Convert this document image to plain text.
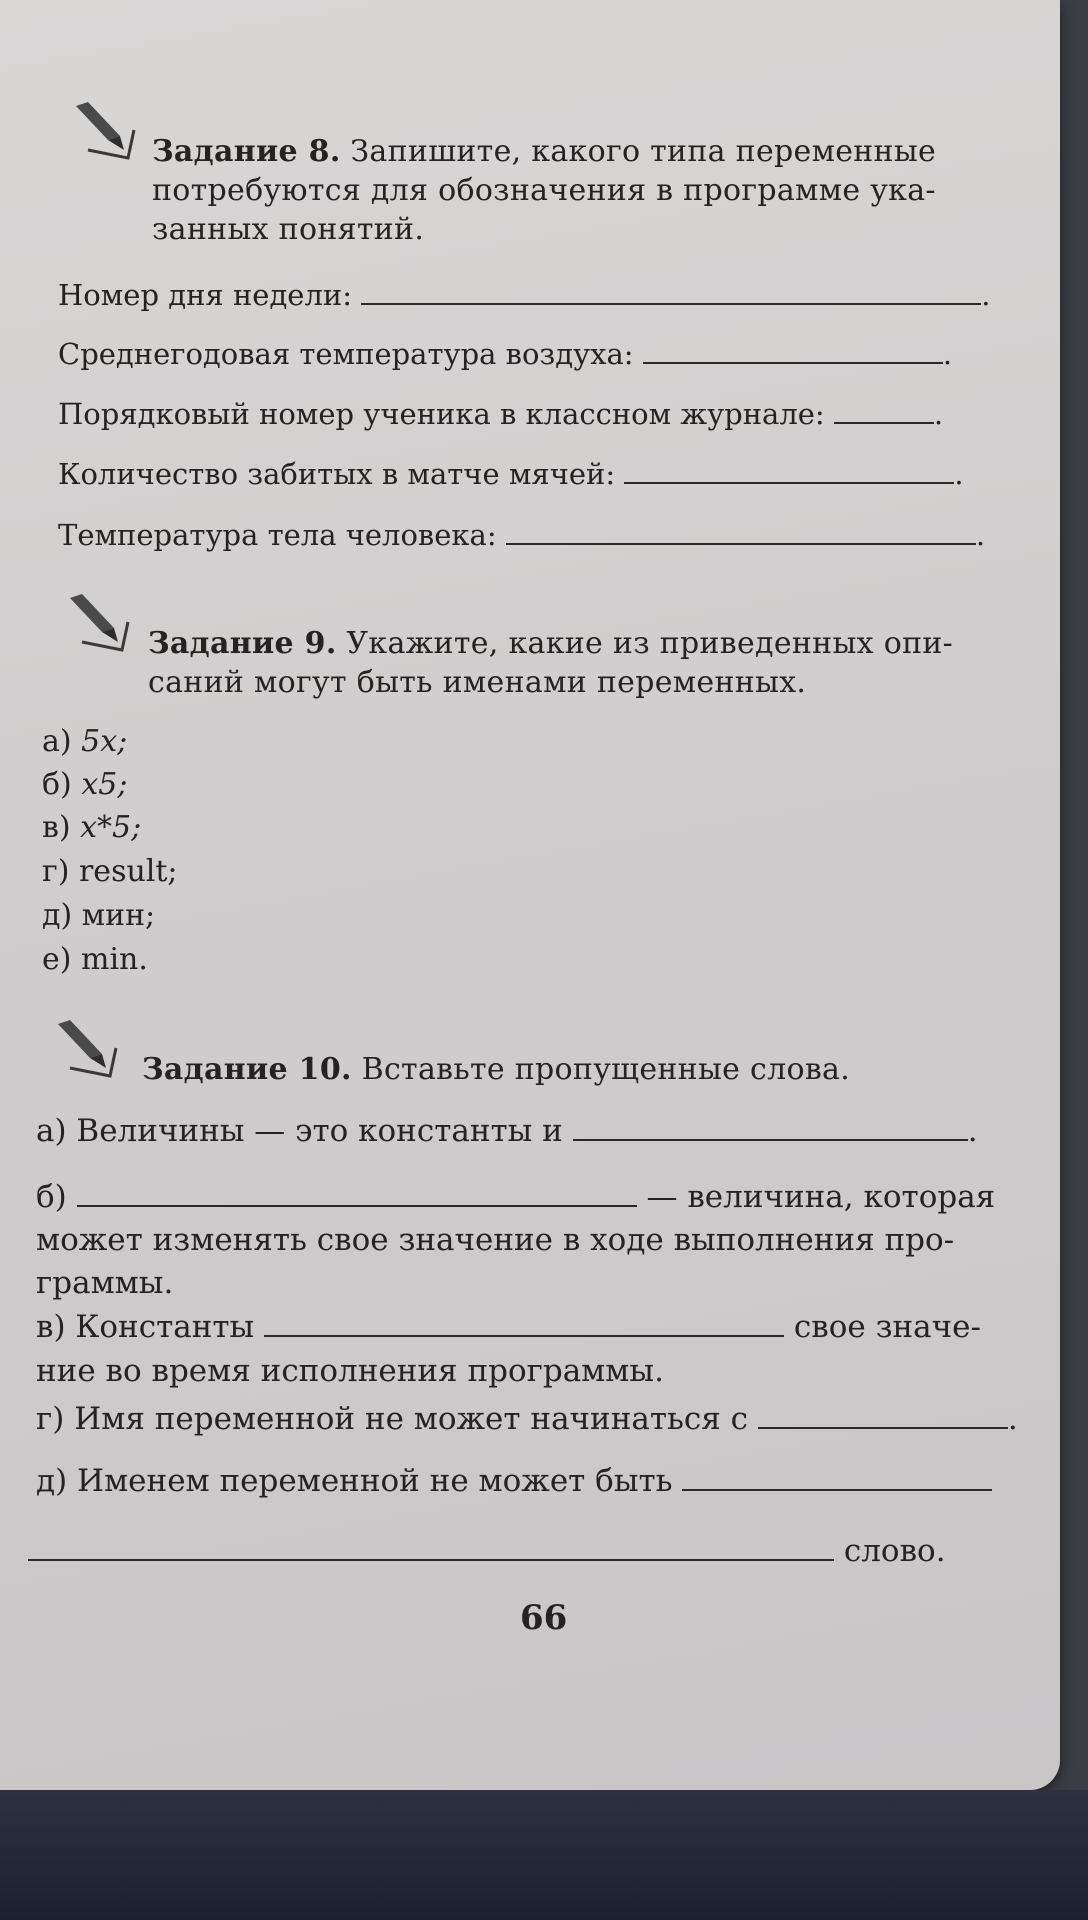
Задание 8. Запишите, какого типа переменные потребуются для обозначения в программе ука-занных понятий.
Номер дня недели:	.
Среднегодовая температура воздуха:	.
Порядковый номер ученика в классном журнале:	.
Количество забитых в матче мячей:	.
Температура тела человека:	.
Задание 9. Укажите, какие из приведенных опи-саний могут быть именами переменных.
а) 5x;
б) x5;
в) x*5;
г) result;
д) мин;
е) min.
Задание 10. Вставьте пропущенные слова.
а) Величины — это константы и	.
б)	— величина, которая
может изменять свое значение в ходе выполнения про-
граммы.
в) Константы	свое значе-
ние во время исполнения программы.
г) Имя переменной не может начинаться с	.
д) Именем переменной не может быть
слово.
66
